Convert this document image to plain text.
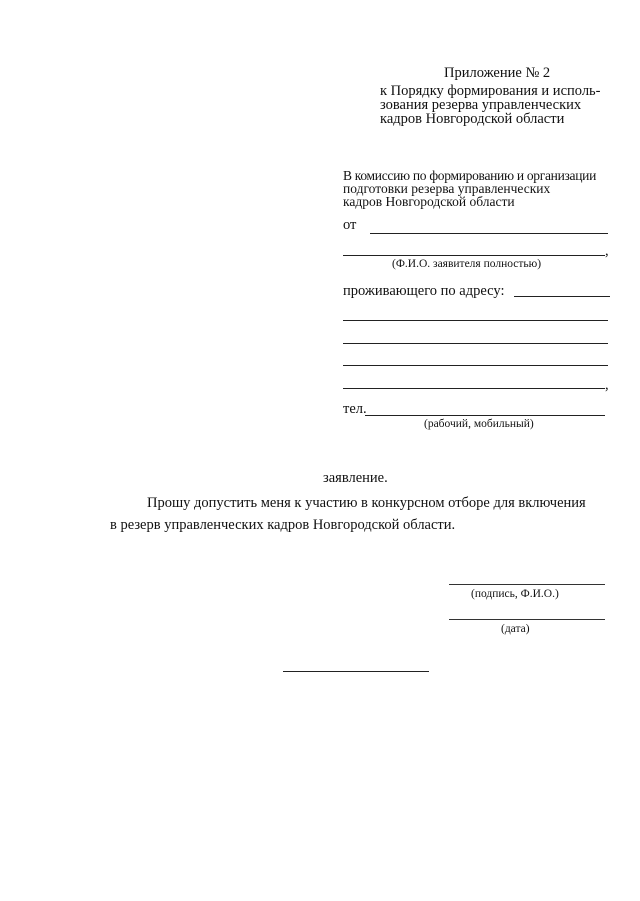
Приложение № 2
к Порядку формирования и исполь-
зования резерва управленческих
кадров Новгородской области
В комиссию по формированию и организации
подготовки резерва управленческих
кадров Новгородской области
от
,
(Ф.И.О. заявителя полностью)
проживающего по адресу:
,
тел.
(рабочий, мобильный)
заявление.
Прошу допустить меня к участию в конкурсном отборе для включения
в резерв управленческих кадров Новгородской области.
(подпись, Ф.И.О.)
(дата)
